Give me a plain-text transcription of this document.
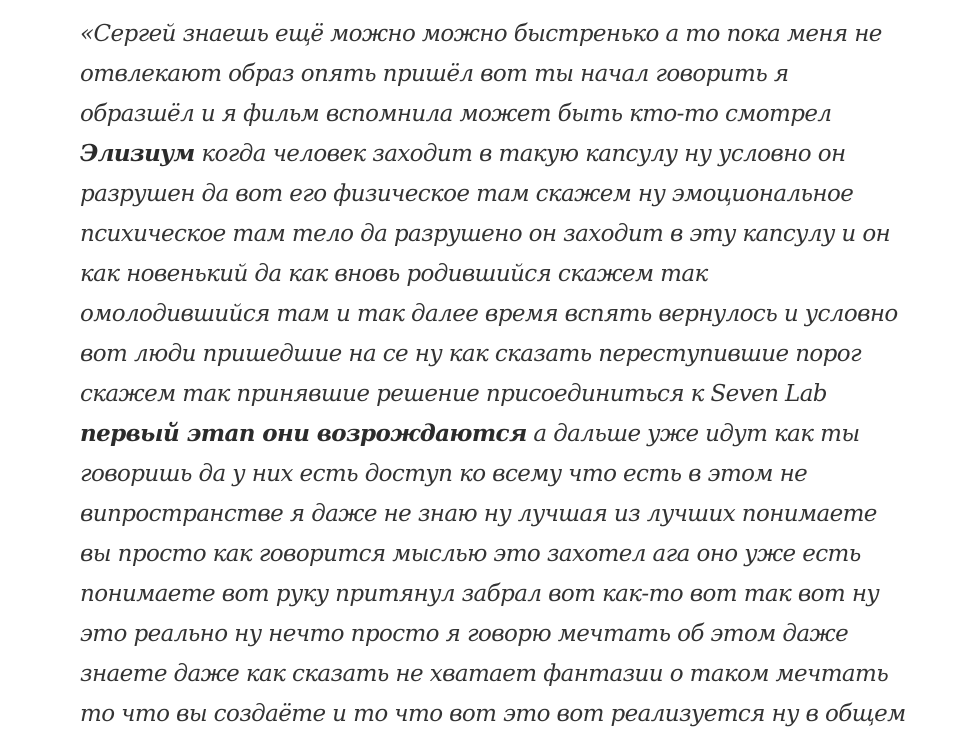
«Сергей знаешь ещё можно можно быстренько а то пока меня не
отвлекают образ опять пришёл вот ты начал говорить я
образшёл и я фильм вспомнила может быть кто-то смотрел
Элизиум когда человек заходит в такую капсулу ну условно он
разрушен да вот его физическое там скажем ну эмоциональное
психическое там тело да разрушено он заходит в эту капсулу и он
как новенький да как вновь родившийся скажем так
омолодившийся там и так далее время вспять вернулось и условно
вот люди пришедшие на се ну как сказать переступившие порог
скажем так принявшие решение присоединиться к Seven Lab
первый этап они возрождаются а дальше уже идут как ты
говоришь да у них есть доступ ко всему что есть в этом не
випространстве я даже не знаю ну лучшая из лучших понимаете
вы просто как говорится мыслью это захотел ага оно уже есть
понимаете вот руку притянул забрал вот как-то вот так вот ну
это реально ну нечто просто я говорю мечтать об этом даже
знаете даже как сказать не хватает фантазии о таком мечтать
то что вы создаёте и то что вот это вот реализуется ну в общем
